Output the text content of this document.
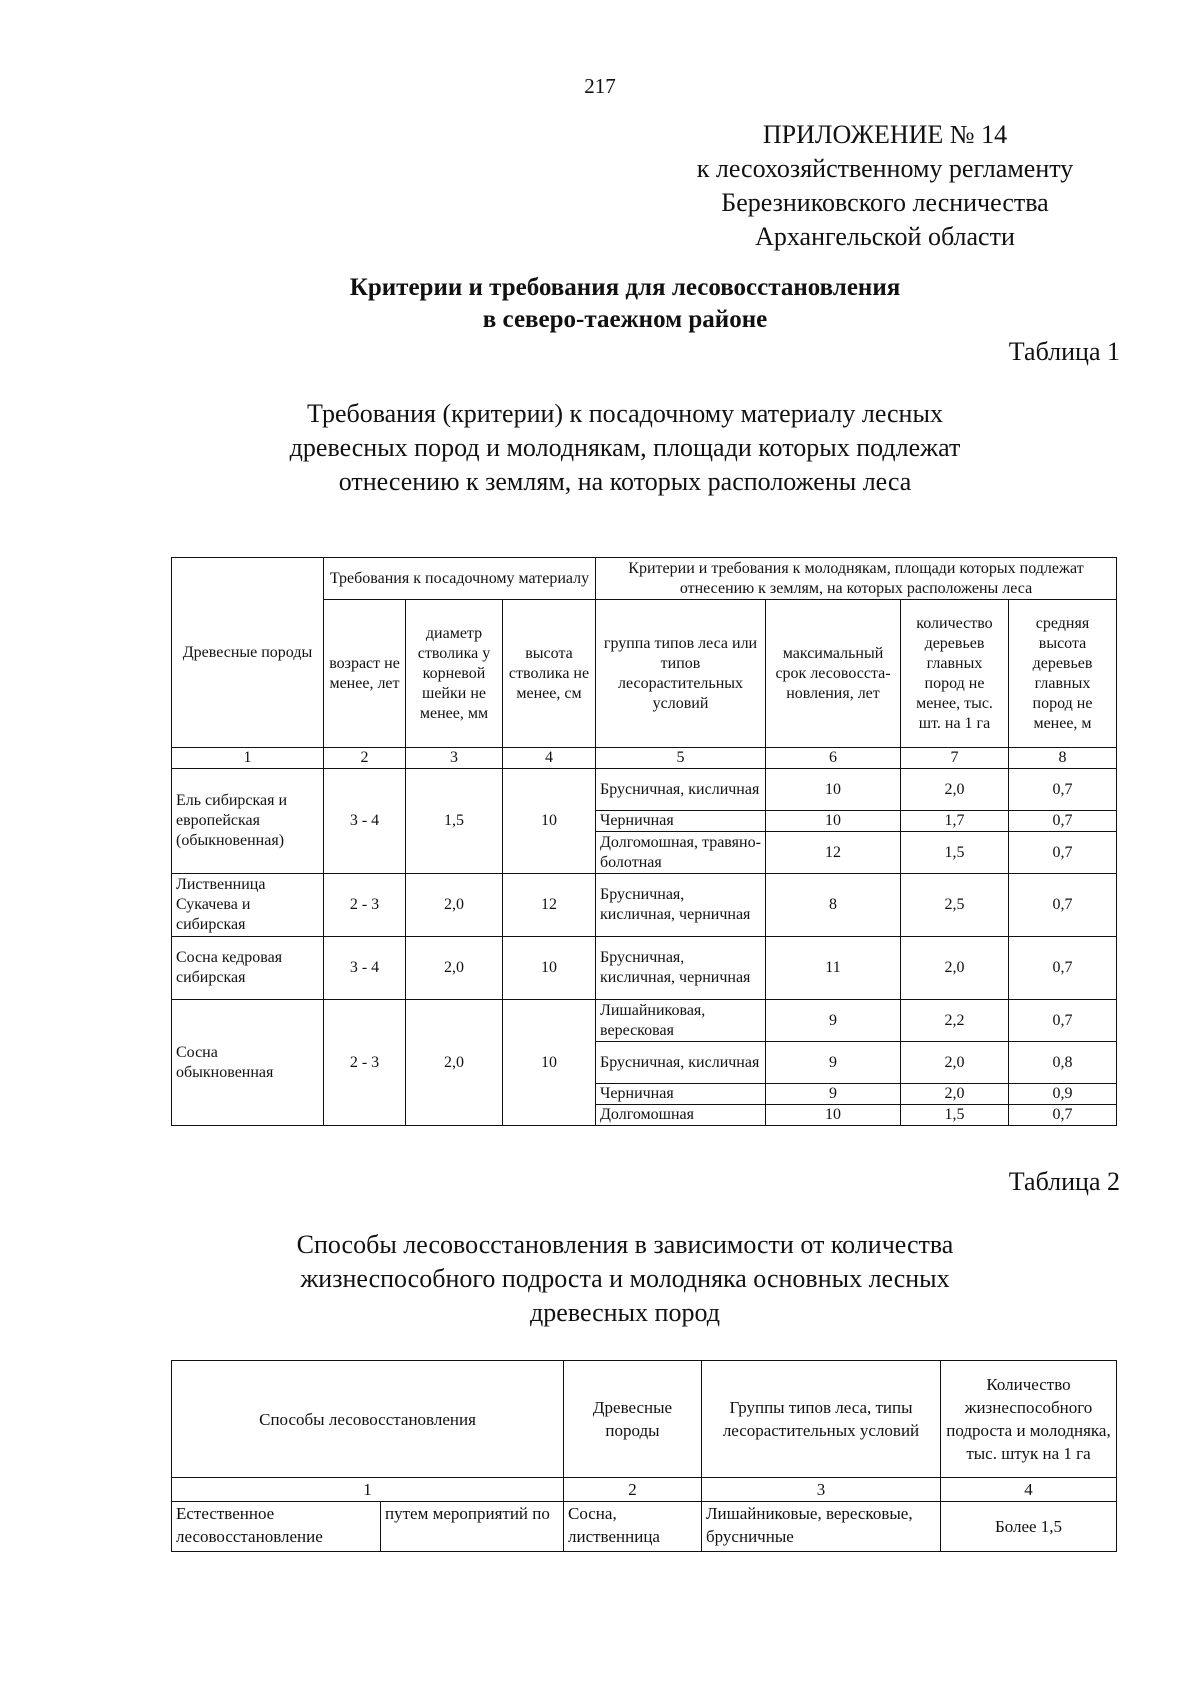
217
ПРИЛОЖЕНИЕ № 14
к лесохозяйственному регламенту
Березниковского лесничества
Архангельской области
Критерии и требования для лесовосстановления
в северо-таежном районе
Таблица 1
Требования (критерии) к посадочному материалу лесных
древесных пород и молоднякам, площади которых подлежат
отнесению к землям, на которых расположены леса
Древесные породы	Требования к посадочному материалу			Критерии и требования к молоднякам, площади которых подлежат отнесению к землям, на которых расположены леса			
	возраст не менее, лет	диаметр стволика у корневой шейки не менее, мм	высота стволика не менее, см	группа типов леса или типов лесорастительных условий	максимальный срок лесовосста-новления, лет	количество деревьев главных пород не менее, тыс. шт. на 1 га	средняя высота деревьев главных пород не менее, м
1	2	3	4	5	6	7	8
Ель сибирская и европейская (обыкновенная)	3 - 4	1,5	10	Брусничная, кисличная	10	2,0	0,7
				Черничная	10	1,7	0,7
				Долгомошная, травяно-болотная	12	1,5	0,7
Лиственница Сукачева и сибирская	2 - 3	2,0	12	Брусничная, кисличная, черничная	8	2,5	0,7
Сосна кедровая сибирская	3 - 4	2,0	10	Брусничная, кисличная, черничная	11	2,0	0,7
Сосна обыкновенная	2 - 3	2,0	10	Лишайниковая, вересковая	9	2,2	0,7
				Брусничная, кисличная	9	2,0	0,8
				Черничная	9	2,0	0,9
				Долгомошная	10	1,5	0,7
Таблица 2
Способы лесовосстановления в зависимости от количества
жизнеспособного подроста и молодняка основных лесных
древесных пород
Способы лесовосстановления		Древесные породы	Группы типов леса, типы лесорастительных условий	Количество жизнеспособного подроста и молодняка, тыс. штук на 1 га
1		2	3	4
Естественное лесовосстановление	путем мероприятий по	Сосна, лиственница	Лишайниковые, вересковые, брусничные	Более 1,5
